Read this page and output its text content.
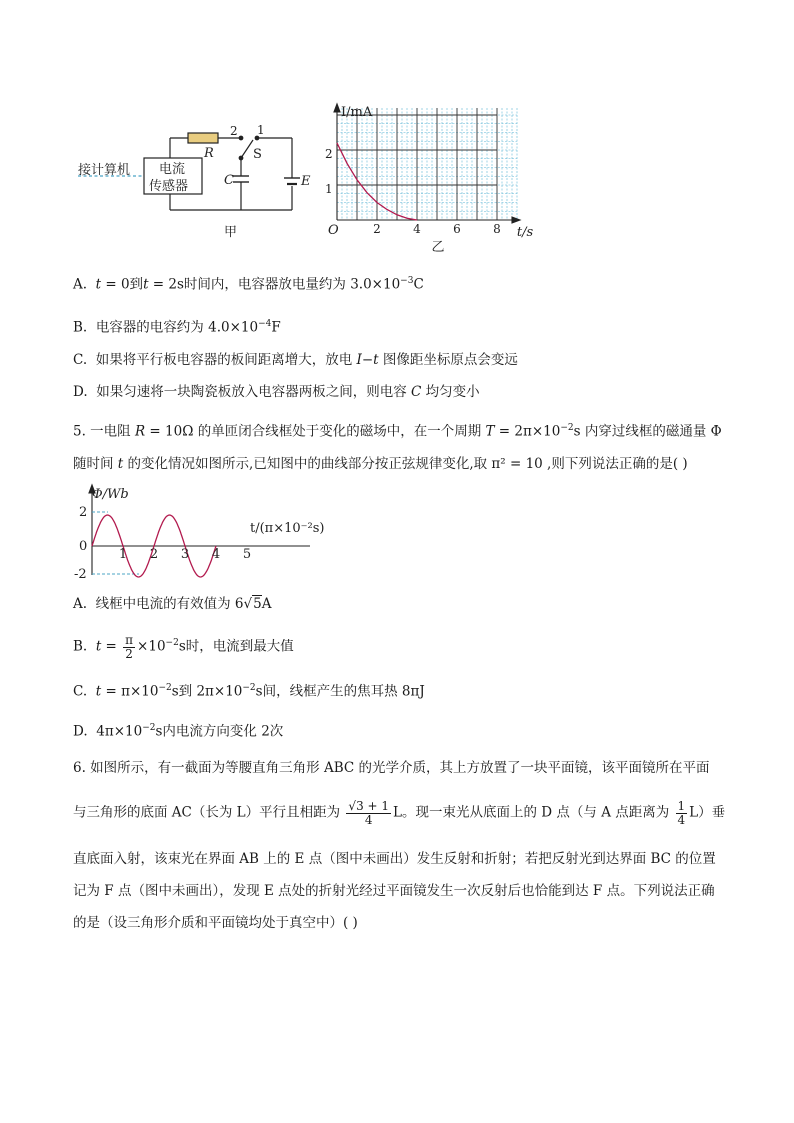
接计算机 电流
传感器
R
2 1
S
C	E
甲
I/mA
t/s
O	2	4	6	8
1
2
乙
A. t = 0到t = 2s时间内，电容器放电量约为 $3.0\times 10^{-3}C$
B. 电容器的电容约为 $4.0\times 10^{-4}F$
C. 如果将平行板电容器的板间距离增大，放电 I−t 图像距坐标原点会变远
D. 如果匀速将一块陶瓷板放入电容器两板之间，则电容 C 均匀变小
5. 一电阻 R = 10Ω 的单匝闭合线框处于变化的磁场中，在一个周期 $T = 2\pi\times 10^{-2}s$ 内穿过线框的磁通量 Φ
随时间 t 的变化情况如图所示,已知图中的曲线部分按正弦规律变化,取 π² = 10 ,则下列说法正确的是( )
Φ/Wb
t/(π×10⁻²s)
0
2
-2
1 2 3 4 5
A. 线框中电流的有效值为 6√5A
B. $t = \frac{\pi}{2} \times 10^{-2}s$时，电流到最大值
C. $t = \pi\times 10^{-2}s$到 $2\pi\times 10^{-2}s$间，线框产生的焦耳热 8πJ
D. $4\pi\times 10^{-2}s$内电流方向变化 2次
6. 如图所示，有一截面为等腰直角三角形 ABC 的光学介质，其上方放置了一块平面镜，该平面镜所在平面
与三角形的底面 AC（长为 L）平行且相距为 $\frac{√3 + 1}{4}$ L。现一束光从底面上的 D 点（与 A 点距离为 $\frac{1}{4} L$）垂
直底面入射，该束光在界面 AB 上的 E 点（图中未画出）发生反射和折射；若把反射光到达界面 BC 的位置
记为 F 点（图中未画出），发现 E 点处的折射光经过平面镜发生一次反射后也恰能到达 F 点。下列说法正确
的是（设三角形介质和平面镜均处于真空中）( )
